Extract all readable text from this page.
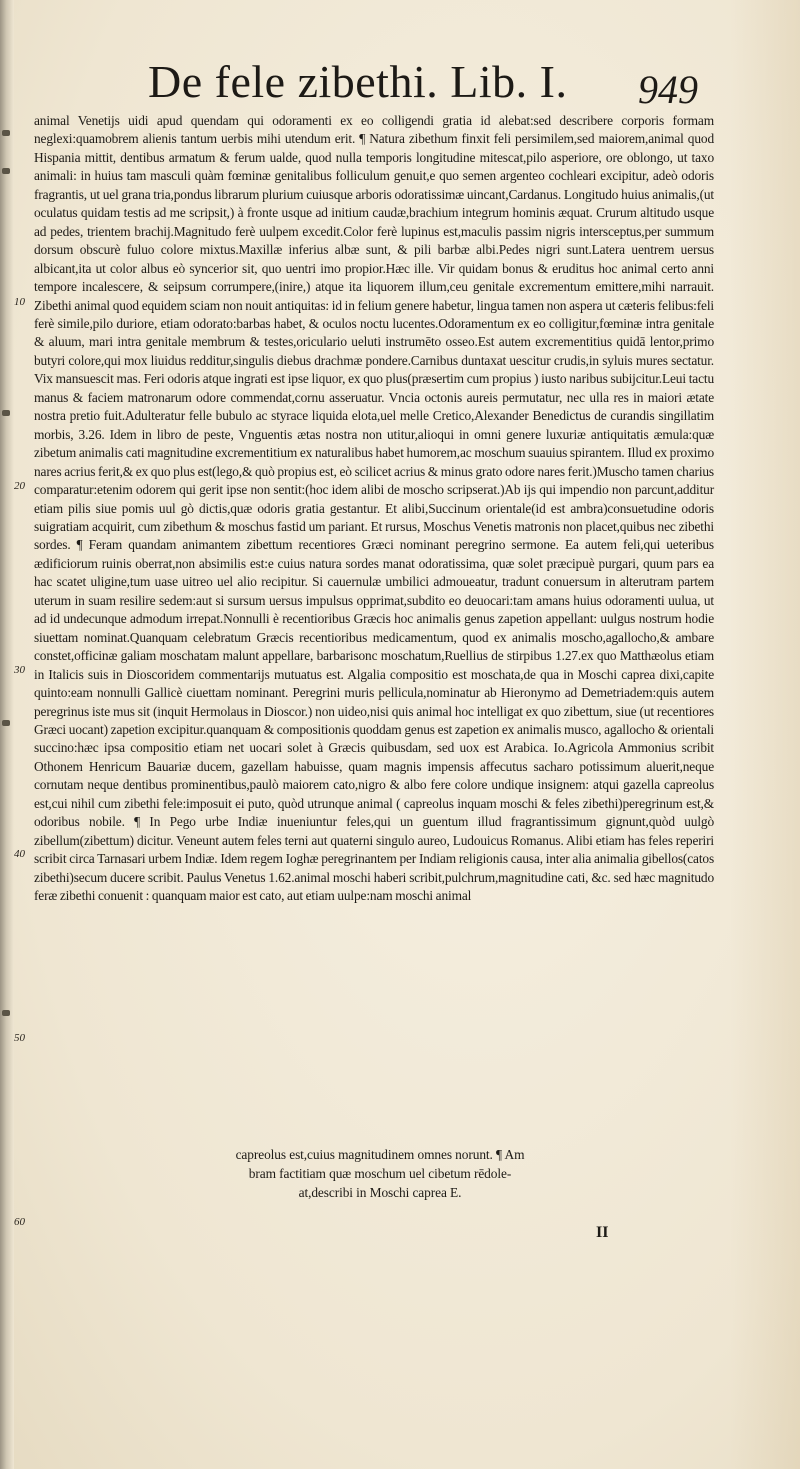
De fele zibethi. Lib. I. 949
10
20
30
40
50
60

animal Venetijs uidi apud quendam qui odoramenti ex eo colligendi gratia id alebat:sed describere corporis formam neglexi:quamobrem alienis tantum uerbis mihi utendum erit. ¶ Natura zibethum finxit feli persimilem,sed maiorem,animal quod Hispania mittit, dentibus armatum & ferum ualde, quod nulla temporis longitudine mitescat,pilo asperiore, ore oblongo, ut taxo animali: in huius tam masculi quàm fœminæ genitalibus folliculum genuit,e quo semen argenteo cochleari excipitur, adeò odoris fragrantis, ut uel grana tria,pondus librarum plurium cuiusque arboris odoratissimæ uincant,Cardanus. Longitudo huius animalis,(ut oculatus quidam testis ad me scripsit,) à fronte usque ad initium caudæ,brachium integrum hominis æquat. Crurum altitudo usque ad pedes, trientem brachij.Magnitudo ferè uulpem excedit.Color ferè lupinus est,maculis passim nigris intersceptus,per summum dorsum obscurè fuluo colore mixtus.Maxillæ inferius albæ sunt, & pili barbæ albi.Pedes nigri sunt.Latera uentrem uersus albicant,ita ut color albus eò syncerior sit, quo uentri imo propior.Hæc ille. Vir quidam bonus & eruditus hoc animal certo anni tempore incalescere, & seipsum corrumpere,(inire,) atque ita liquorem illum,ceu genitale excrementum emittere,mihi narrauit. Zibethi animal quod equidem sciam non nouit antiquitas: id in felium genere habetur, lingua tamen non aspera ut cæteris felibus:feli ferè simile,pilo duriore, etiam odorato:barbas habet, & oculos noctu lucentes.Odoramentum ex eo colligitur,fœminæ intra genitale & aluum, mari intra genitale membrum & testes,oriculario ueluti instrumēto osseo.Est autem excrementitius quidā lentor,primo butyri colore,qui mox liuidus redditur,singulis diebus drachmæ pondere.Carnibus duntaxat uescitur crudis,in syluis mures sectatur. Vix mansuescit mas. Feri odoris atque ingrati est ipse liquor, ex quo plus(præsertim cum propius ) iusto naribus subijcitur.Leui tactu manus & faciem matronarum odore commendat,cornu asseruatur. Vncia octonis aureis permutatur, nec ulla res in maiori ætate nostra pretio fuit.Adulteratur felle bubulo ac styrace liquida elota,uel melle Cretico,Alexander Benedictus de curandis singillatim morbis, 3.26. Idem in libro de peste, Vnguentis ætas nostra non utitur,alioqui in omni genere luxuriæ antiquitatis æmula:quæ zibetum animalis cati magnitudine excrementitium ex naturalibus habet humorem,ac moschum suauius spirantem. Illud ex proximo nares acrius ferit,& ex quo plus est(lego,& quò propius est, eò scilicet acrius & minus grato odore nares ferit.)Muscho tamen charius comparatur:etenim odorem qui gerit ipse non sentit:(hoc idem alibi de moscho scripserat.)Ab ijs qui impendio non parcunt,additur etiam pilis siue pomis uul gò dictis,quæ odoris gratia gestantur. Et alibi,Succinum orientale(id est ambra)consuetudine odoris suigratiam acquirit, cum zibethum & moschus fastid um pariant. Et rursus, Moschus Venetis matronis non placet,quibus nec zibethi sordes. ¶ Feram quandam animantem zibettum recentiores Græci nominant peregrino sermone. Ea autem feli,qui ueteribus ædificiorum ruinis oberrat,non absimilis est:e cuius natura sordes manat odoratissima, quæ solet præcipuè purgari, quum pars ea hac scatet uligine,tum uase uitreo uel alio recipitur. Si cauernulæ umbilici admoueatur, tradunt conuersum in alterutram partem uterum in suam resilire sedem:aut si sursum uersus impulsus opprimat,subdito eo deuocari:tam amans huius odoramenti uulua, ut ad id undecunque admodum irrepat.Nonnulli è recentioribus Græcis hoc animalis genus zapetion appellant: uulgus nostrum hodie siuettam nominat.Quanquam celebratum Græcis recentioribus medicamentum, quod ex animalis moscho,agallocho,& ambare constet,officinæ galiam moschatam malunt appellare, barbarisonc moschatum,Ruellius de stirpibus 1.27.ex quo Matthæolus etiam in Italicis suis in Dioscoridem commentarijs mutuatus est. Algalia compositio est moschata,de qua in Moschi caprea dixi,capite quinto:eam nonnulli Gallicè ciuettam nominant. Peregrini muris pellicula,nominatur ab Hieronymo ad Demetriadem:quis autem peregrinus iste mus sit (inquit Hermolaus in Dioscor.) non uideo,nisi quis animal hoc intelligat ex quo zibettum, siue (ut recentiores Græci uocant) zapetion excipitur.quanquam & compositionis quoddam genus est zapetion ex animalis musco, agallocho & orientali succino:hæc ipsa compositio etiam net uocari solet à Græcis quibusdam, sed uox est Arabica. Io.Agricola Ammonius scribit Othonem Henricum Bauariæ ducem, gazellam habuisse, quam magnis impensis affecutus sacharo potissimum aluerit,neque cornutam neque dentibus prominentibus,paulò maiorem cato,nigro & albo fere colore undique insignem: atqui gazella capreolus est,cui nihil cum zibethi fele:imposuit ei puto, quòd utrunque animal ( capreolus inquam moschi & feles zibethi)peregrinum est,& odoribus nobile. ¶ In Pego urbe Indiæ inueniuntur feles,qui un guentum illud fragrantissimum gignunt,quòd uulgò zibellum(zibettum) dicitur. Veneunt autem feles terni aut quaterni singulo aureo, Ludouicus Romanus. Alibi etiam has feles reperiri scribit circa Tarnasari urbem Indiæ. Idem regem Ioghæ peregrinantem per Indiam religionis causa, inter alia animalia gibellos(catos zibethi)secum ducere scribit. Paulus Venetus 1.62.animal moschi haberi scribit,pulchrum,magnitudine cati, &c. sed hæc magnitudo feræ zibethi conuenit : quanquam maior est cato, aut etiam uulpe:nam moschi animal

capreolus est,cuius magnitudinem omnes norunt. ¶ Am
bram factitiam quæ moschum uel cibetum rēdole-
at,describi in Moschi caprea E.
II
